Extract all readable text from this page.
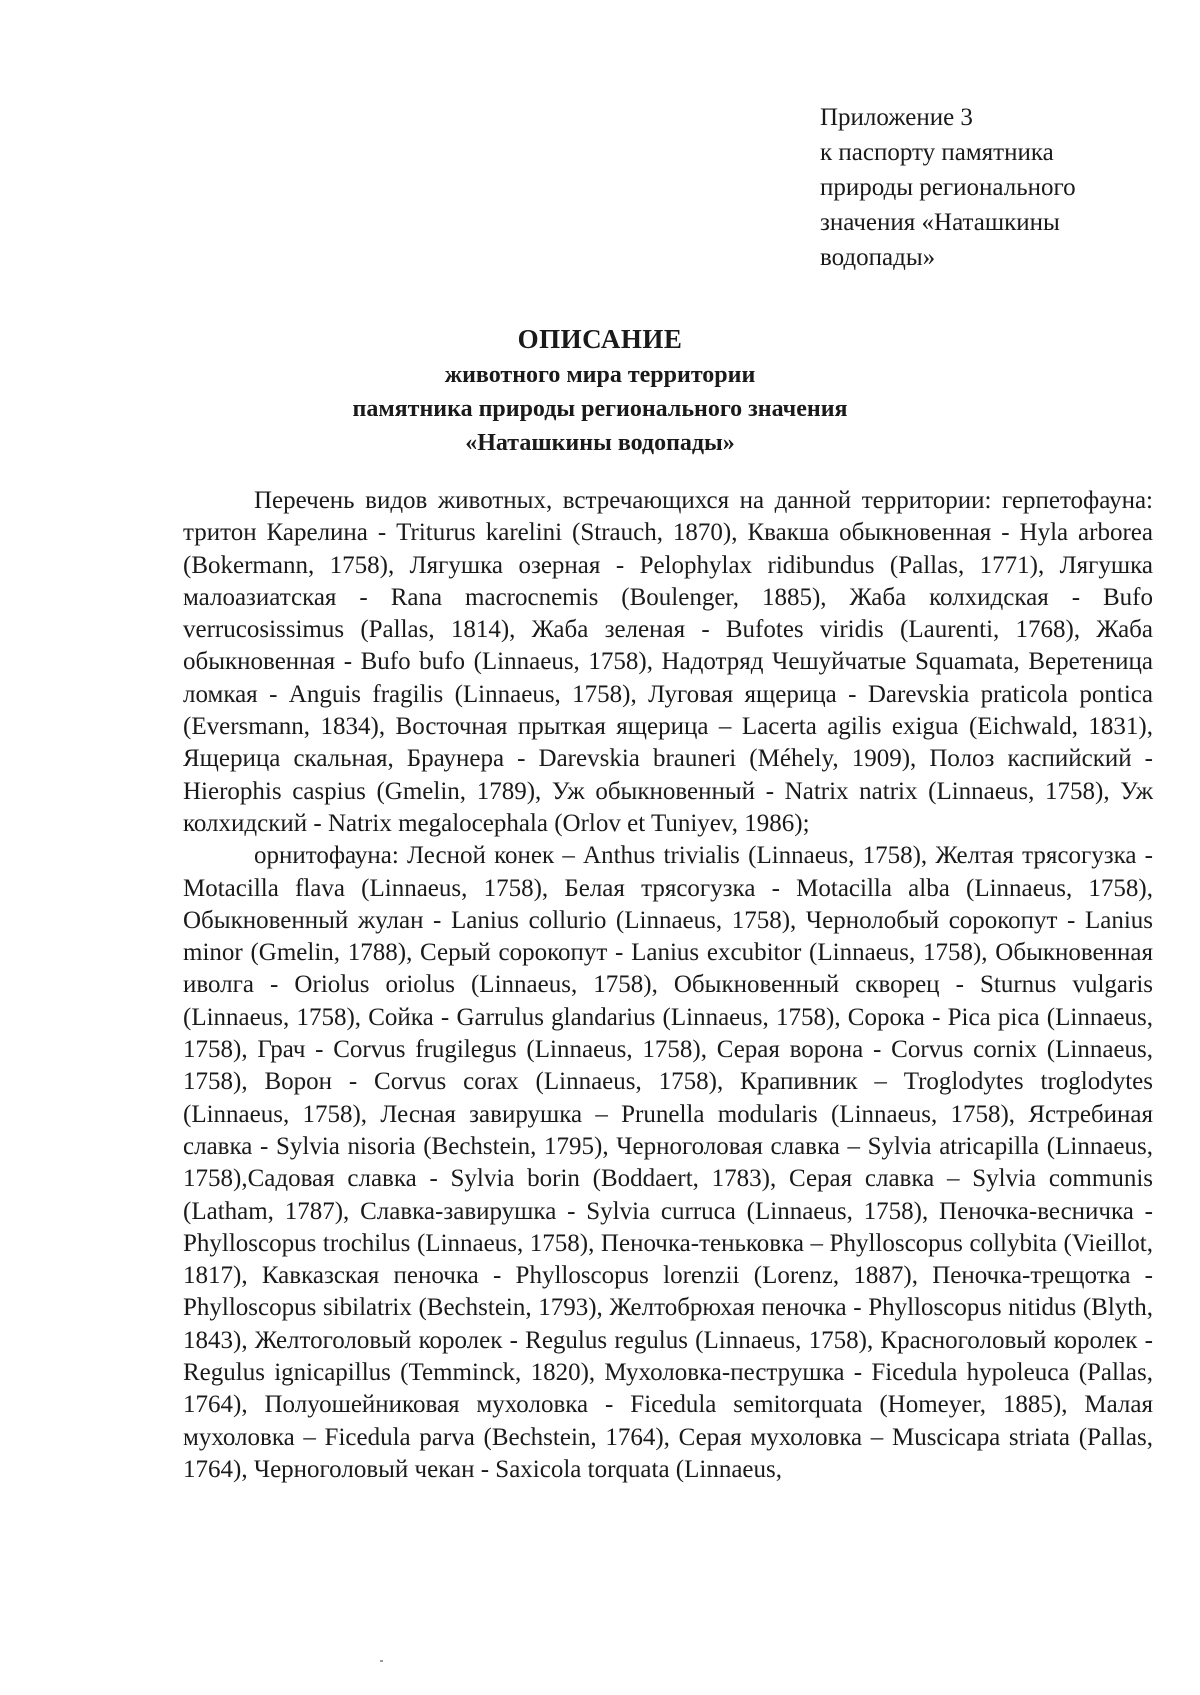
Приложение 3
к паспорту памятника
природы регионального
значения «Наташкины
водопады»
ОПИСАНИЕ
животного мира территории
памятника природы регионального значения
«Наташкины водопады»

Перечень видов животных, встречающихся на данной территории: герпетофауна: тритон Карелина - Triturus karelini (Strauch, 1870), Квакша обыкновенная - Hyla arborea (Bokermann, 1758), Лягушка озерная - Pelophylax ridibundus (Pallas, 1771), Лягушка малоазиатская - Rana macrocnemis (Boulenger, 1885), Жаба колхидская - Bufo verrucosissimus (Pallas, 1814), Жаба зеленая - Bufotes viridis (Laurenti, 1768), Жаба обыкновенная - Bufo bufo (Linnaeus, 1758), Надотряд Чешуйчатые Squamata, Веретеница ломкая - Anguis fragilis (Linnaeus, 1758), Луговая ящерица - Darevskia praticola pontica (Eversmann, 1834), Восточная прыткая ящерица – Lacerta agilis exigua (Eichwald, 1831), Ящерица скальная, Браунера - Darevskia brauneri (Méhely, 1909), Полоз каспийский - Hierophis caspius (Gmelin, 1789), Уж обыкновенный - Natrix natrix (Linnaeus, 1758), Уж колхидский - Natrix megalocephala (Orlov et Tuniyev, 1986);

орнитофауна: Лесной конек – Anthus trivialis (Linnaeus, 1758), Желтая трясогузка - Motacilla flava (Linnaeus, 1758), Белая трясогузка - Motacilla alba (Linnaeus, 1758), Обыкновенный жулан - Lanius collurio (Linnaeus, 1758), Чернолобый сорокопут - Lanius minor (Gmelin, 1788), Серый сорокопут - Lanius excubitor (Linnaeus, 1758), Обыкновенная иволга - Oriolus oriolus (Linnaeus, 1758), Обыкновенный скворец - Sturnus vulgaris (Linnaeus, 1758), Сойка - Garrulus glandarius (Linnaeus, 1758), Сорока - Pica pica (Linnaeus, 1758), Грач - Corvus frugilegus (Linnaeus, 1758), Серая ворона - Corvus cornix (Linnaeus, 1758), Ворон - Corvus corax (Linnaeus, 1758), Крапивник – Troglodytes troglodytes (Linnaeus, 1758), Лесная завирушка – Prunella modularis (Linnaeus, 1758), Ястребиная славка - Sylvia nisoria (Bechstein, 1795), Черноголовая славка – Sylvia atricapilla (Linnaeus, 1758),Садовая славка - Sylvia borin (Boddaert, 1783), Серая славка – Sylvia communis (Latham, 1787), Славка-завирушка - Sylvia curruca (Linnaeus, 1758), Пеночка-весничка - Phylloscopus trochilus (Linnaeus, 1758), Пеночка-теньковка – Phylloscopus collybita (Vieillot, 1817), Кавказская пеночка - Phylloscopus lorenzii (Lorenz, 1887), Пеночка-трещотка - Phylloscopus sibilatrix (Bechstein, 1793), Желтобрюхая пеночка - Phylloscopus nitidus (Blyth, 1843), Желтоголовый королек - Regulus regulus (Linnaeus, 1758), Красноголовый королек - Regulus ignicapillus (Temminck, 1820), Мухоловка-пеструшка - Ficedula hypoleuca (Pallas, 1764), Полуошейниковая мухоловка - Ficedula semitorquata (Homeyer, 1885), Малая мухоловка – Ficedula parva (Bechstein, 1764), Серая мухоловка – Muscicapa striata (Pallas, 1764), Черноголовый чекан - Saxicola torquata (Linnaeus,
